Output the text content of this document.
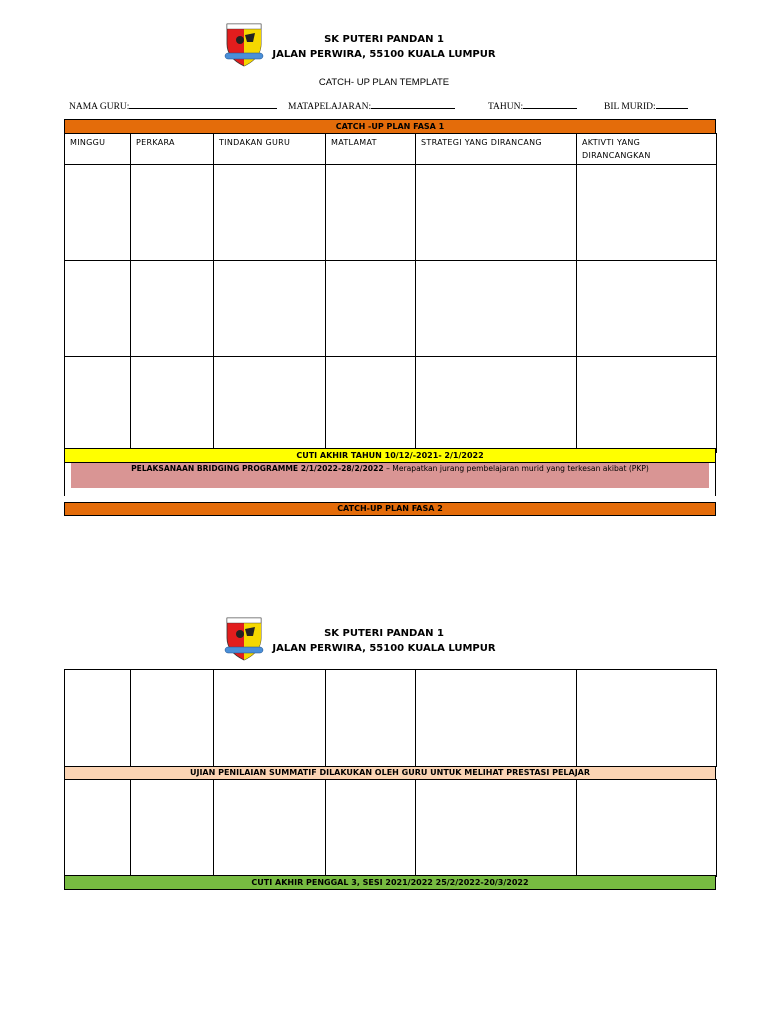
SK PUTERI PANDAN 1
JALAN PERWIRA, 55100 KUALA LUMPUR
CATCH- UP PLAN TEMPLATE
NAMA GURU:	MATAPELAJARAN:	TAHUN:	BIL MURID:
CATCH -UP PLAN FASA 1
MINGGU	PERKARA	TINDAKAN GURU	MATLAMAT	STRATEGI YANG DIRANCANG	AKTIVTI YANG DIRANCANGKAN

CUTI AKHIR TAHUN 10/12/-2021- 2/1/2022
PELAKSANAAN BRIDGING PROGRAMME 2/1/2022-28/2/2022 – Merapatkan jurang pembelajaran murid yang terkesan akibat (PKP)
CATCH-UP PLAN FASA 2
SK PUTERI PANDAN 1
JALAN PERWIRA, 55100 KUALA LUMPUR

UJIAN PENILAIAN SUMMATIF DILAKUKAN OLEH GURU UNTUK MELIHAT PRESTASI PELAJAR

CUTI AKHIR PENGGAL 3, SESI 2021/2022 25/2/2022-20/3/2022
